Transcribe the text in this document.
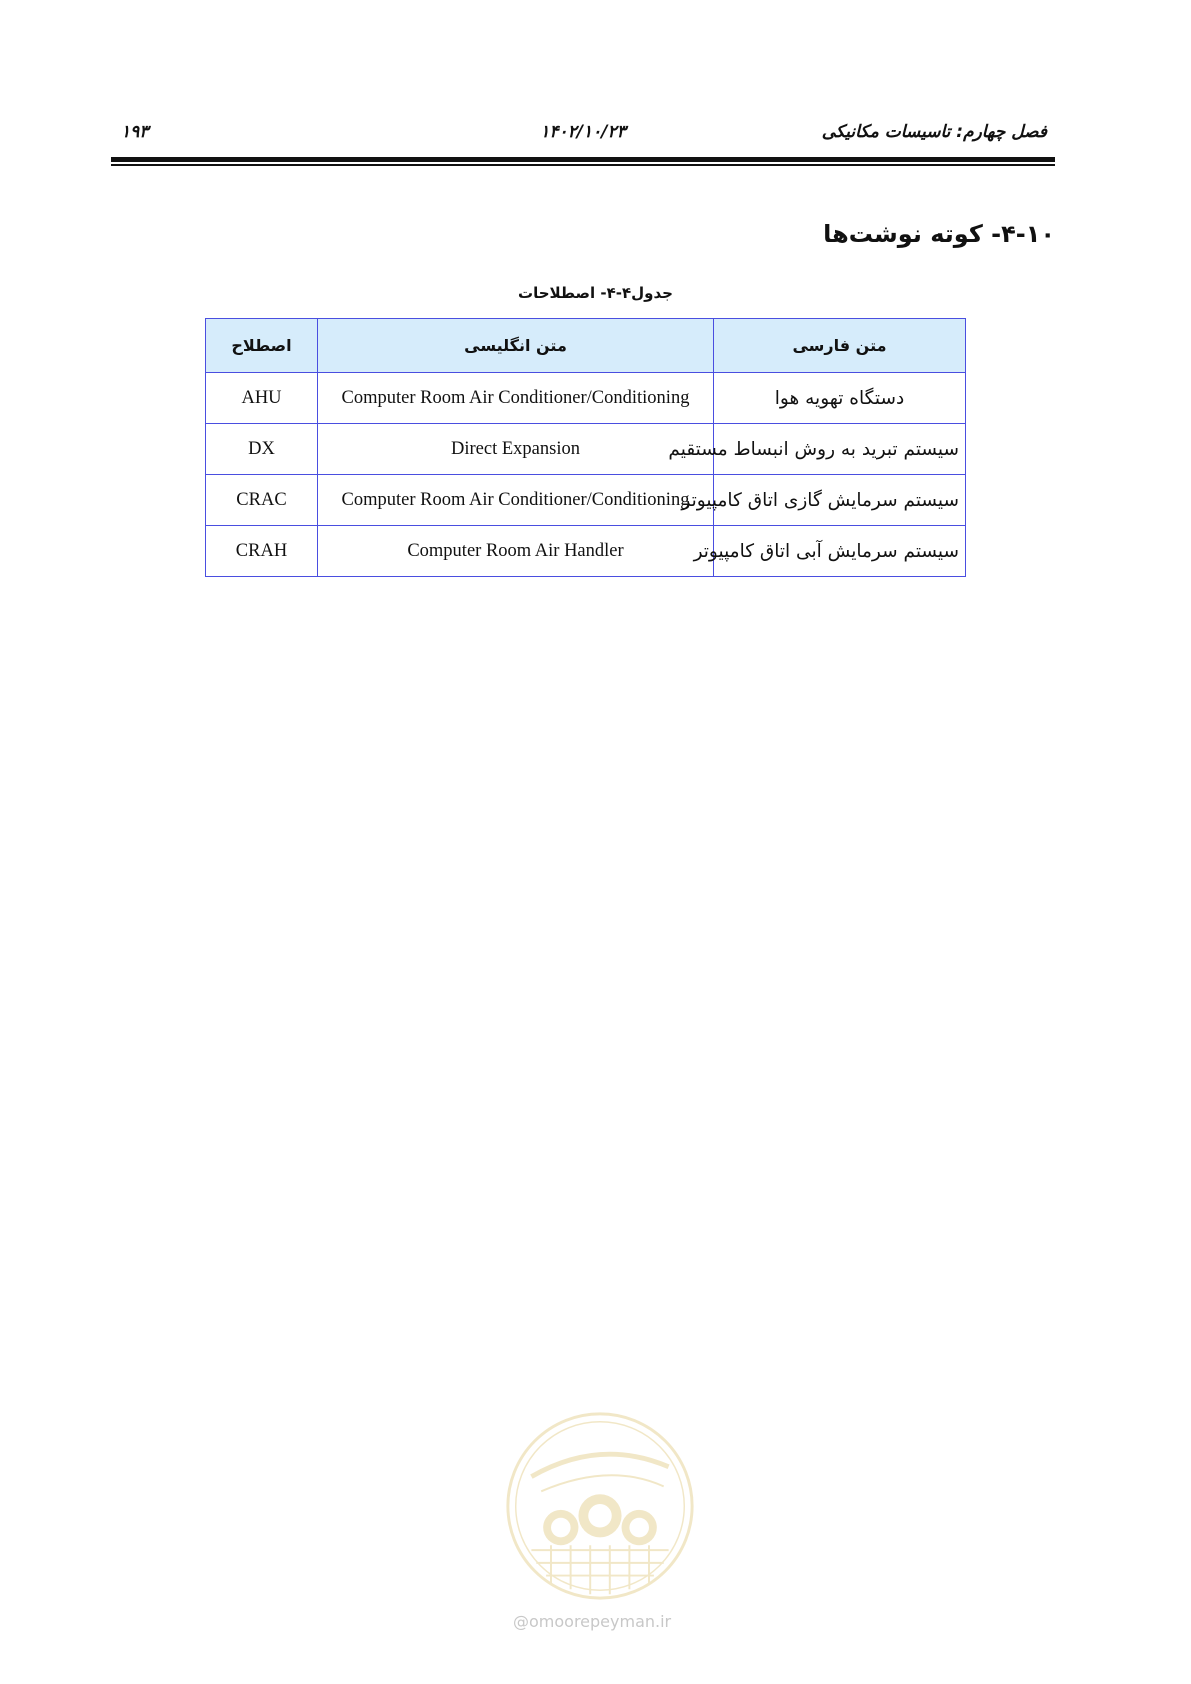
فصل چهارم: تاسیسات مکانیکی
۱۴۰۲/۱۰/۲۳
۱۹۳
۴-۱۰- کوته نوشت‌ها
جدول۴-۴- اصطلاحات
اصطلاح	متن انگلیسی	متن فارسی
AHU	Computer Room Air Conditioner/Conditioning	دستگاه تهویه هوا
DX	Direct Expansion	سیستم تبرید به روش انبساط مستقیم
CRAC	Computer Room Air Conditioner/Conditioning	سیستم سرمایش گازی اتاق کامپیوتر
CRAH	Computer Room Air Handler	سیستم سرمایش آبی اتاق کامپیوتر
@omoorepeyman.ir
